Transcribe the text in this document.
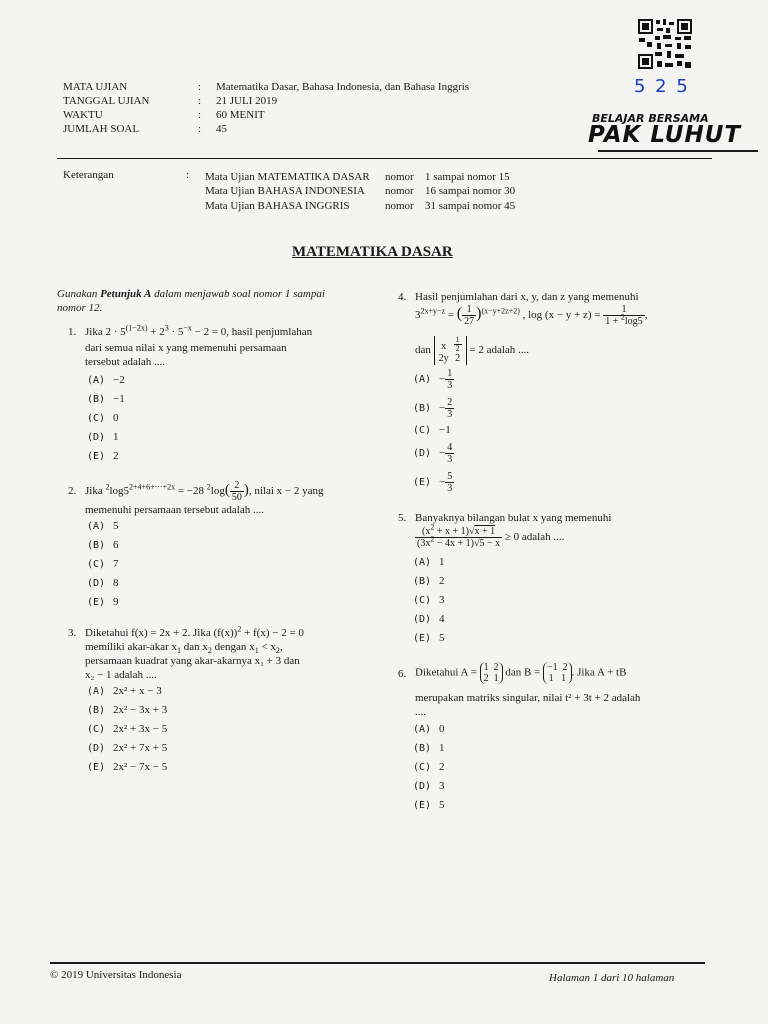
5 2 5
BELAJAR BERSAMA
PAK LUHUT
MATA UJIAN	: Matematika Dasar, Bahasa Indonesia, dan Bahasa Inggris
TANGGAL UJIAN	: 21 JULI 2019
WAKTU	: 60 MENIT
JUMLAH SOAL	: 45
Keterangan	: Mata Ujian MATEMATIKA DASAR nomor 1 sampai nomor 15
Mata Ujian BAHASA INDONESIA nomor 16 sampai nomor 30
Mata Ujian BAHASA INGGRIS	nomor 31 sampai nomor 45
MATEMATIKA DASAR
Gunakan Petunjuk A dalam menjawab soal nomor 1 sampai
nomor 12.
1. Jika $2 \cdot 5^{(1-2x)} + 2^3 \cdot 5^{-x} - 2 = 0$, hasil penjumlahan
dari semua nilai x yang memenuhi persamaan
tersebut adalah ....
(A) −2
(B) −1
(C) 0
(D) 1
(E) 2
2. Jika $^2\log 5^{2+4+6+\cdot\cdot\cdot+2x} = -28$ $^2\log( \frac{2}{50}$ ), nilai x − 2 yang
memenuhi persamaan tersebut adalah ....
(A) 5
(B) 6
(C) 7
(D) 8
(E) 9
3. Diketahui f(x) = 2x + 2. Jika $(f(x))^2 + f(x) - 2 = 0$
memiliki akar-akar $x_1$ dan $x_2$ dengan $x_1 < x_2$,
persamaan kuadrat yang akar-akarnya x₁ + 3 dan
x₂ − 1 adalah ....
(A) 2x² + x − 3
(B) 2x² − 3x + 3
(C) 2x² + 3x − 5
(D) 2x² + 7x + 5
(E) 2x² − 7x − 5
4. Hasil penjumlahan dari x, y, dan z yang memenuhi
$3^{2x+y-z}$ = ( $\frac{1}{27} )^{(x-y+2z+2)}$ , $\log (x - y + z) = \frac{1}{1 + ^2\log 5}$ ,
dan x
2y
$\frac{1}{2}$

2 = 2 adalah ....
$(A) - \frac{1}{3}$
$(B) - \frac{2}{3}$
(C) −1
$(D) - \frac{4}{3}$
$(E) - \frac{5}{3}$
5. Banyaknya bilangan bulat x yang memenuhi
$\frac{(x^2 + x + 1)√x + 1}{(3x^2 - 4x + 1)√5 - x} \ge 0$ adalah ....
(A) 1
(B) 2
(C) 3
(D) 4
(E) 5
6. Diketahui A = 1  2
2  1 dan B = −1  2
1   1 . Jika A + tB
merupakan matriks singular, nilai t² + 3t + 2 adalah
....
(A) 0
(B) 1
(C) 2
(D) 3
(E) 5
© 2019 Universitas Indonesia	Halaman 1 dari 10 halaman
